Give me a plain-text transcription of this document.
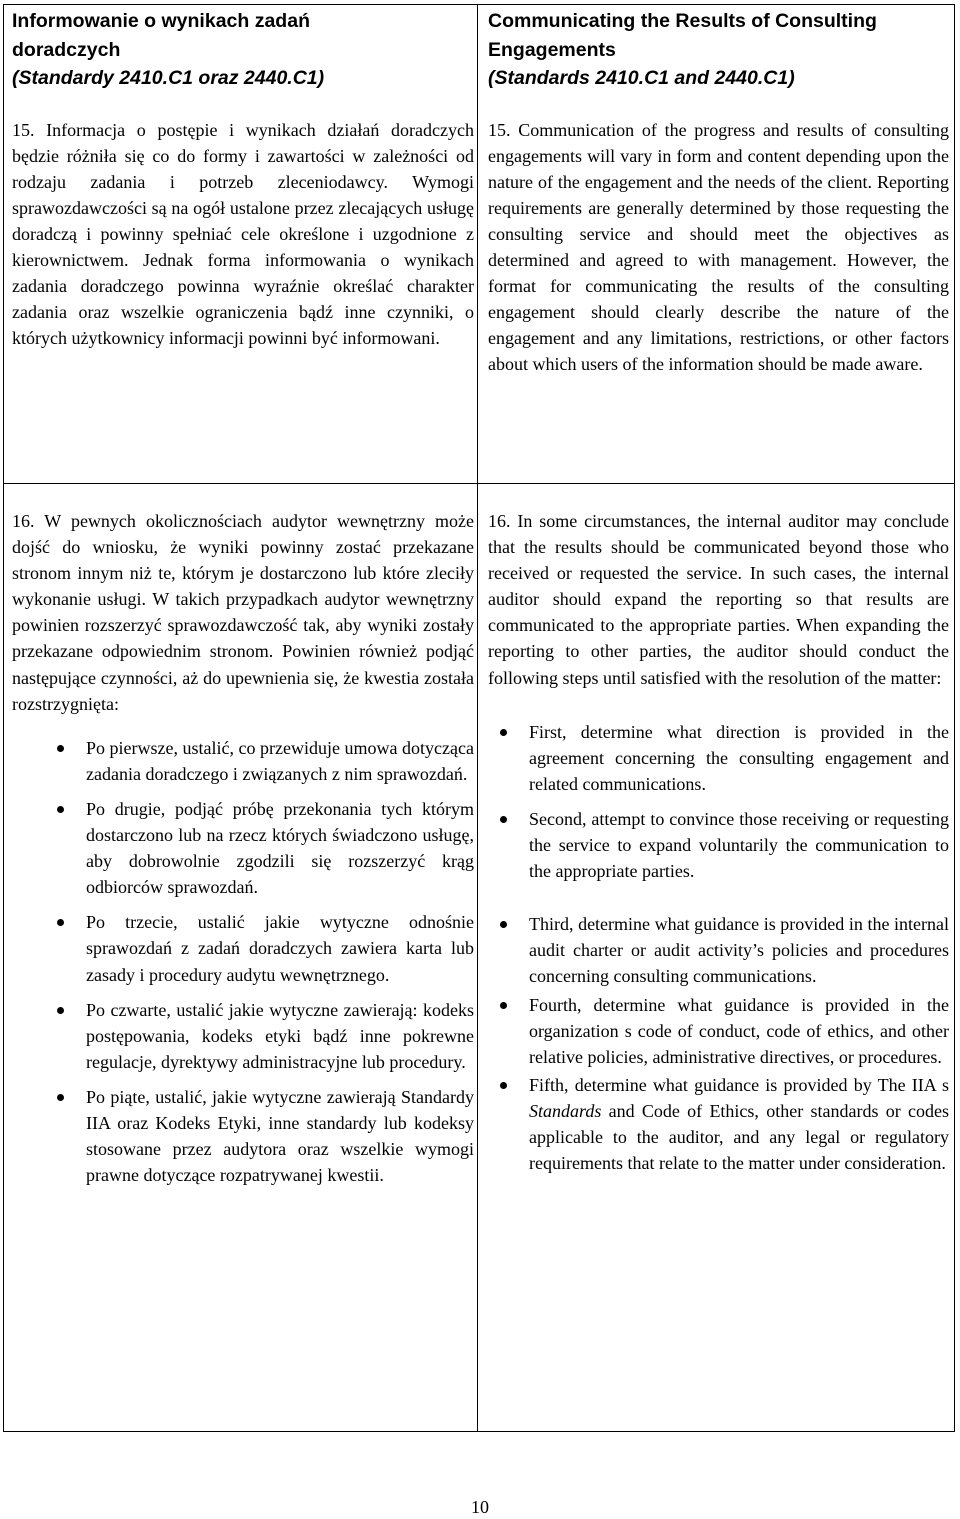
Informowanie o wynikach zadań
doradczych
(Standardy 2410.C1 oraz 2440.C1)

15. Informacja o postępie i wynikach działań doradczych będzie różniła się co do formy i zawartości w zależności od rodzaju zadania i potrzeb zleceniodawcy. Wymogi sprawozdawczości są na ogół ustalone przez zlecających usługę doradczą i powinny spełniać cele określone i uzgodnione z kierownictwem. Jednak forma informowania o wynikach zadania doradczego powinna wyraźnie określać charakter zadania oraz wszelkie ograniczenia bądź inne czynniki, o których użytkownicy informacji powinni być informowani.

Communicating the Results of Consulting
Engagements
(Standards 2410.C1 and 2440.C1)

15. Communication of the progress and results of consulting engagements will vary in form and content depending upon the nature of the engagement and the needs of the client. Reporting requirements are generally determined by those requesting the consulting service and should meet the objectives as determined and agreed to with management. However, the format for communicating the results of the consulting engagement should clearly describe the nature of the engagement and any limitations, restrictions, or other factors about which users of the information should be made aware.

16. W pewnych okolicznościach audytor wewnętrzny może dojść do wniosku, że wyniki powinny zostać przekazane stronom innym niż te, którym je dostarczono lub które zleciły wykonanie usługi. W takich przypadkach audytor wewnętrzny powinien rozszerzyć sprawozdawczość tak, aby wyniki zostały przekazane odpowiednim stronom. Powinien również podjąć następujące czynności, aż do upewnienia się, że kwestia została rozstrzygnięta:

Po pierwsze, ustalić, co przewiduje umowa dotycząca zadania doradczego i związanych z nim sprawozdań.
Po drugie, podjąć próbę przekonania tych którym dostarczono lub na rzecz których świadczono usługę, aby dobrowolnie zgodzili się rozszerzyć krąg odbiorców sprawozdań.
Po trzecie, ustalić jakie wytyczne odnośnie sprawozdań z zadań doradczych zawiera karta lub zasady i procedury audytu wewnętrznego.
Po czwarte, ustalić jakie wytyczne zawierają: kodeks postępowania, kodeks etyki bądź inne pokrewne regulacje, dyrektywy administracyjne lub procedury.
Po piąte, ustalić, jakie wytyczne zawierają Standardy IIA oraz Kodeks Etyki, inne standardy lub kodeksy stosowane przez audytora oraz wszelkie wymogi prawne dotyczące rozpatrywanej kwestii.

16. In some circumstances, the internal auditor may conclude that the results should be communicated beyond those who received or requested the service. In such cases, the internal auditor should expand the reporting so that results are communicated to the appropriate parties. When expanding the reporting to other parties, the auditor should conduct the following steps until satisfied with the resolution of the matter:

First, determine what direction is provided in the agreement concerning the consulting engagement and related communications.
Second, attempt to convince those receiving or requesting the service to expand voluntarily the communication to the appropriate parties.
Third, determine what guidance is provided in the internal audit charter or audit activity’s policies and procedures concerning consulting communications.
Fourth, determine what guidance is provided in the organization s code of conduct, code of ethics, and other relative policies, administrative directives, or procedures.
Fifth, determine what guidance is provided by The IIA s Standards and Code of Ethics, other standards or codes applicable to the auditor, and any legal or regulatory requirements that relate to the matter under consideration.
10
